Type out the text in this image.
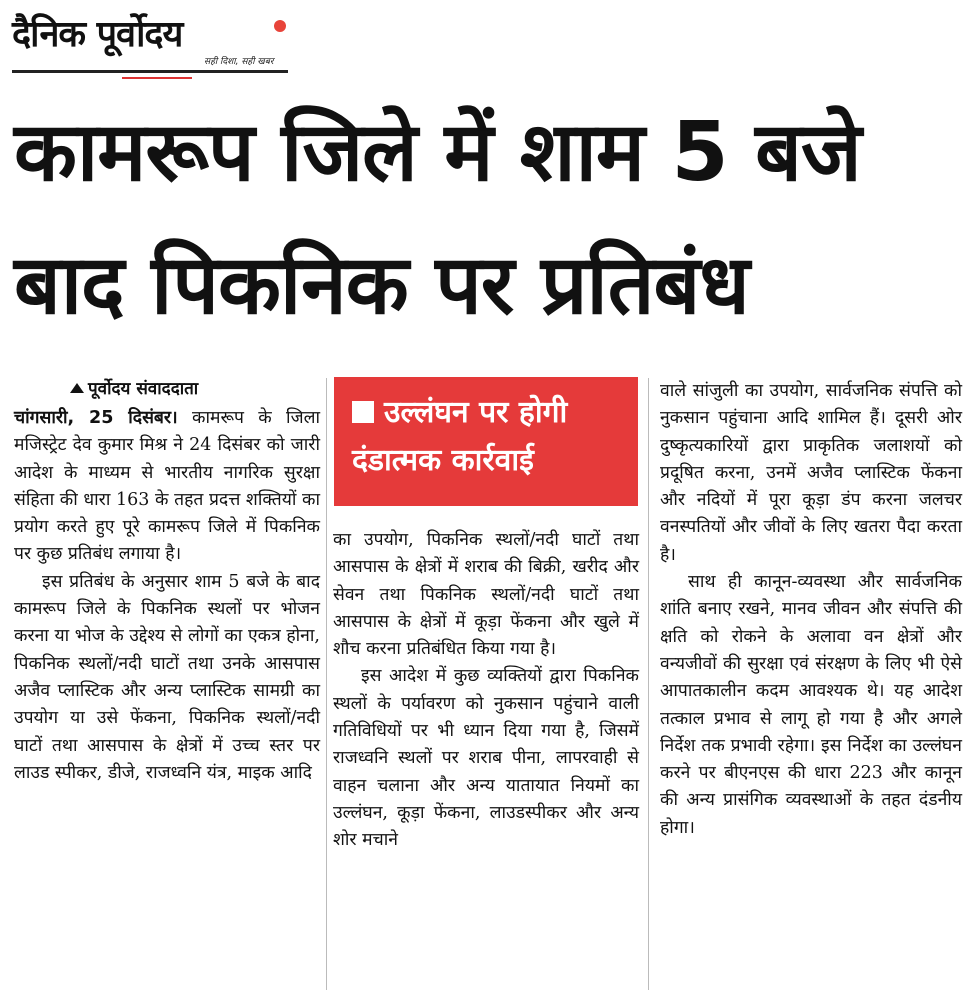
दैनिक पूर्वोदय
सही दिशा, सही खबर
कामरूप जिले में शाम 5 बजे
बाद पिकनिक पर प्रतिबंध
पूर्वोदय संवाददाता

चांगसारी, 25 दिसंबर। कामरूप के जिला मजिस्ट्रेट देव कुमार मिश्र ने 24 दिसंबर को जारी आदेश के माध्यम से भारतीय नागरिक सुरक्षा संहिता की धारा 163 के तहत प्रदत्त शक्तियों का प्रयोग करते हुए पूरे कामरूप जिले में पिकनिक पर कुछ प्रतिबंध लगाया है।

इस प्रतिबंध के अनुसार शाम 5 बजे के बाद कामरूप जिले के पिकनिक स्थलों पर भोजन करना या भोज के उद्देश्य से लोगों का एकत्र होना, पिकनिक स्थलों/नदी घाटों तथा उनके आसपास अजैव प्लास्टिक और अन्य प्लास्टिक सामग्री का उपयोग या उसे फेंकना, पिकनिक स्थलों/नदी घाटों तथा आसपास के क्षेत्रों में उच्च स्तर पर लाउड स्पीकर, डीजे, राजध्वनि यंत्र, माइक आदि

उल्लंघन पर होगी
दंडात्मक कार्रवाई

का उपयोग, पिकनिक स्थलों/नदी घाटों तथा आसपास के क्षेत्रों में शराब की बिक्री, खरीद और सेवन तथा पिकनिक स्थलों/नदी घाटों तथा आसपास के क्षेत्रों में कूड़ा फेंकना और खुले में शौच करना प्रतिबंधित किया गया है।

इस आदेश में कुछ व्यक्तियों द्वारा पिकनिक स्थलों के पर्यावरण को नुकसान पहुंचाने वाली गतिविधियों पर भी ध्यान दिया गया है, जिसमें राजध्वनि स्थलों पर शराब पीना, लापरवाही से वाहन चलाना और अन्य यातायात नियमों का उल्लंघन, कूड़ा फेंकना, लाउडस्पीकर और अन्य शोर मचाने

वाले सांजुली का उपयोग, सार्वजनिक संपत्ति को नुकसान पहुंचाना आदि शामिल हैं। दूसरी ओर दुष्कृत्यकारियों द्वारा प्राकृतिक जलाशयों को प्रदूषित करना, उनमें अजैव प्लास्टिक फेंकना और नदियों में पूरा कूड़ा डंप करना जलचर वनस्पतियों और जीवों के लिए खतरा पैदा करता है।

साथ ही कानून-व्यवस्था और सार्वजनिक शांति बनाए रखने, मानव जीवन और संपत्ति की क्षति को रोकने के अलावा वन क्षेत्रों और वन्यजीवों की सुरक्षा एवं संरक्षण के लिए भी ऐसे आपातकालीन कदम आवश्यक थे। यह आदेश तत्काल प्रभाव से लागू हो गया है और अगले निर्देश तक प्रभावी रहेगा। इस निर्देश का उल्लंघन करने पर बीएनएस की धारा 223 और कानून की अन्य प्रासंगिक व्यवस्थाओं के तहत दंडनीय होगा।
